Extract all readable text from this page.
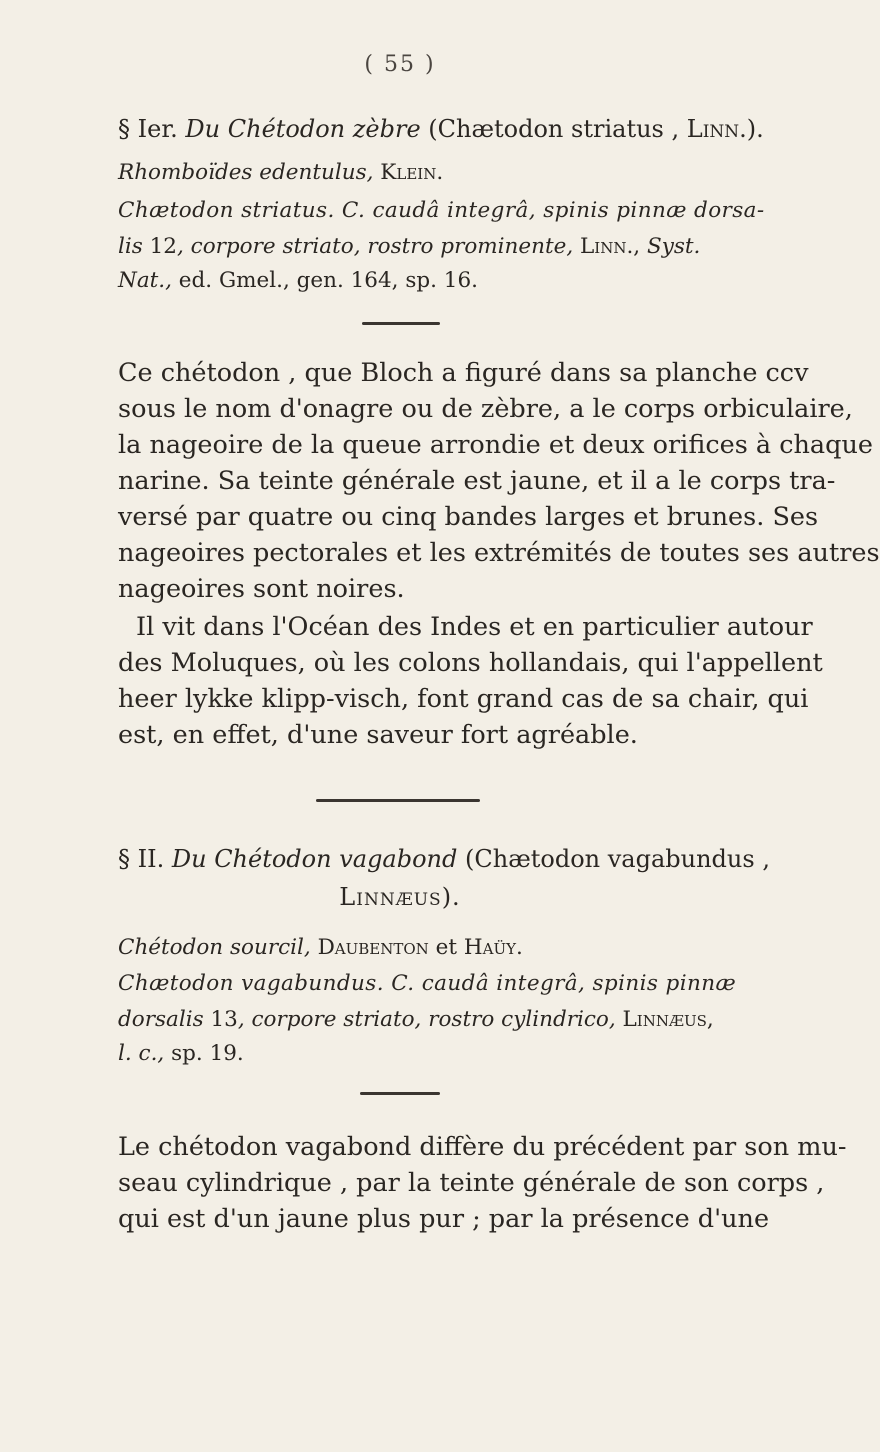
( 55 )
§ Ier. Du Chétodon zèbre (Chætodon striatus , Linn.).
Rhomboïdes edentulus, Klein.
Chætodon striatus. C. caudâ integrâ, spinis pinnæ dorsa-
lis 12, corpore striato, rostro prominente, Linn., Syst.
Nat., ed. Gmel., gen. 164, sp. 16.
Ce chétodon , que Bloch a figuré dans sa planche ccv
sous le nom d'onagre ou de zèbre, a le corps orbiculaire,
la nageoire de la queue arrondie et deux orifices à chaque
narine. Sa teinte générale est jaune, et il a le corps tra-
versé par quatre ou cinq bandes larges et brunes. Ses
nageoires pectorales et les extrémités de toutes ses autres
nageoires sont noires.
Il vit dans l'Océan des Indes et en particulier autour
des Moluques, où les colons hollandais, qui l'appellent
heer lykke klipp-visch, font grand cas de sa chair, qui
est, en effet, d'une saveur fort agréable.
§ II. Du Chétodon vagabond (Chætodon vagabundus ,
Linnæus).
Chétodon sourcil, Daubenton et Haüy.
Chætodon vagabundus. C. caudâ integrâ, spinis pinnæ
dorsalis 13, corpore striato, rostro cylindrico, Linnæus,
l. c., sp. 19.
Le chétodon vagabond diffère du précédent par son mu-
seau cylindrique , par la teinte générale de son corps ,
qui est d'un jaune plus pur ; par la présence d'une
